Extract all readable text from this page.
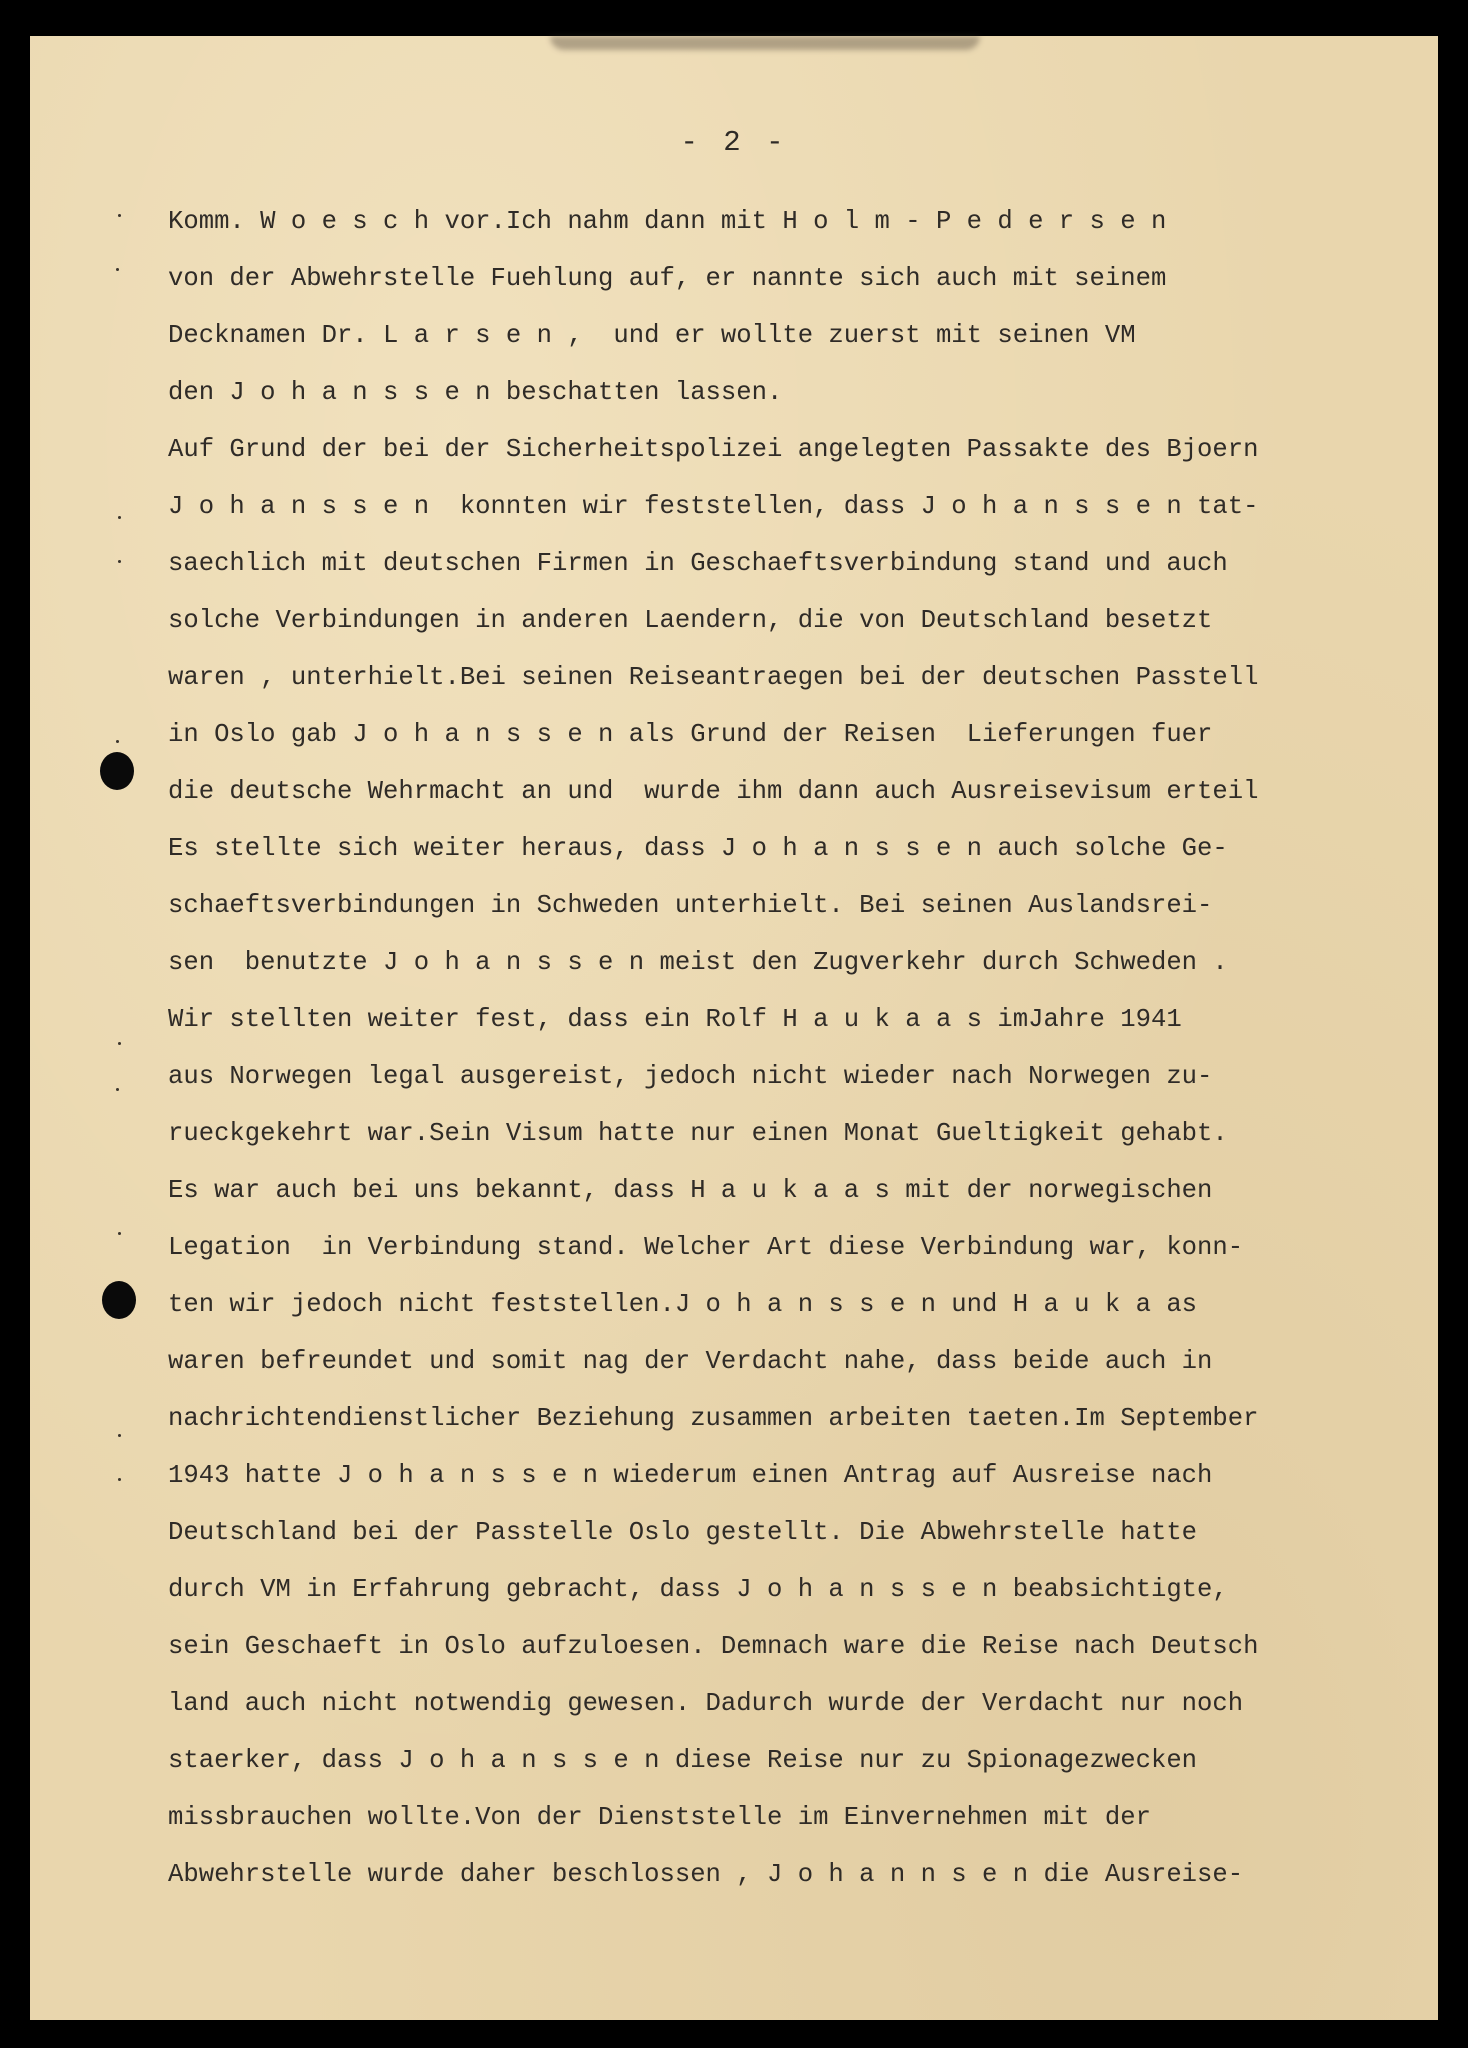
- 2 -
Komm. W o e s c h vor.Ich nahm dann mit H o l m - P e d e r s e n
von der Abwehrstelle Fuehlung auf, er nannte sich auch mit seinem
Decknamen Dr. L a r s e n ,  und er wollte zuerst mit seinen VM
den J o h a n s s e n beschatten lassen.
Auf Grund der bei der Sicherheitspolizei angelegten Passakte des Bjoern
J o h a n s s e n  konnten wir feststellen, dass J o h a n s s e n tat-
saechlich mit deutschen Firmen in Geschaeftsverbindung stand und auch
solche Verbindungen in anderen Laendern, die von Deutschland besetzt
waren , unterhielt.Bei seinen Reiseantraegen bei der deutschen Passtell
in Oslo gab J o h a n s s e n als Grund der Reisen  Lieferungen fuer
die deutsche Wehrmacht an und  wurde ihm dann auch Ausreisevisum erteil
Es stellte sich weiter heraus, dass J o h a n s s e n auch solche Ge-
schaeftsverbindungen in Schweden unterhielt. Bei seinen Auslandsrei-
sen  benutzte J o h a n s s e n meist den Zugverkehr durch Schweden .
Wir stellten weiter fest, dass ein Rolf H a u k a a s imJahre 1941
aus Norwegen legal ausgereist, jedoch nicht wieder nach Norwegen zu-
rueckgekehrt war.Sein Visum hatte nur einen Monat Gueltigkeit gehabt.
Es war auch bei uns bekannt, dass H a u k a a s mit der norwegischen
Legation  in Verbindung stand. Welcher Art diese Verbindung war, konn-
ten wir jedoch nicht feststellen.J o h a n s s e n und H a u k a as
waren befreundet und somit nag der Verdacht nahe, dass beide auch in
nachrichtendienstlicher Beziehung zusammen arbeiten taeten.Im September
1943 hatte J o h a n s s e n wiederum einen Antrag auf Ausreise nach
Deutschland bei der Passtelle Oslo gestellt. Die Abwehrstelle hatte
durch VM in Erfahrung gebracht, dass J o h a n s s e n beabsichtigte,
sein Geschaeft in Oslo aufzuloesen. Demnach ware die Reise nach Deutsch
land auch nicht notwendig gewesen. Dadurch wurde der Verdacht nur noch
staerker, dass J o h a n s s e n diese Reise nur zu Spionagezwecken
missbrauchen wollte.Von der Dienststelle im Einvernehmen mit der
Abwehrstelle wurde daher beschlossen , J o h a n n s e n die Ausreise-
